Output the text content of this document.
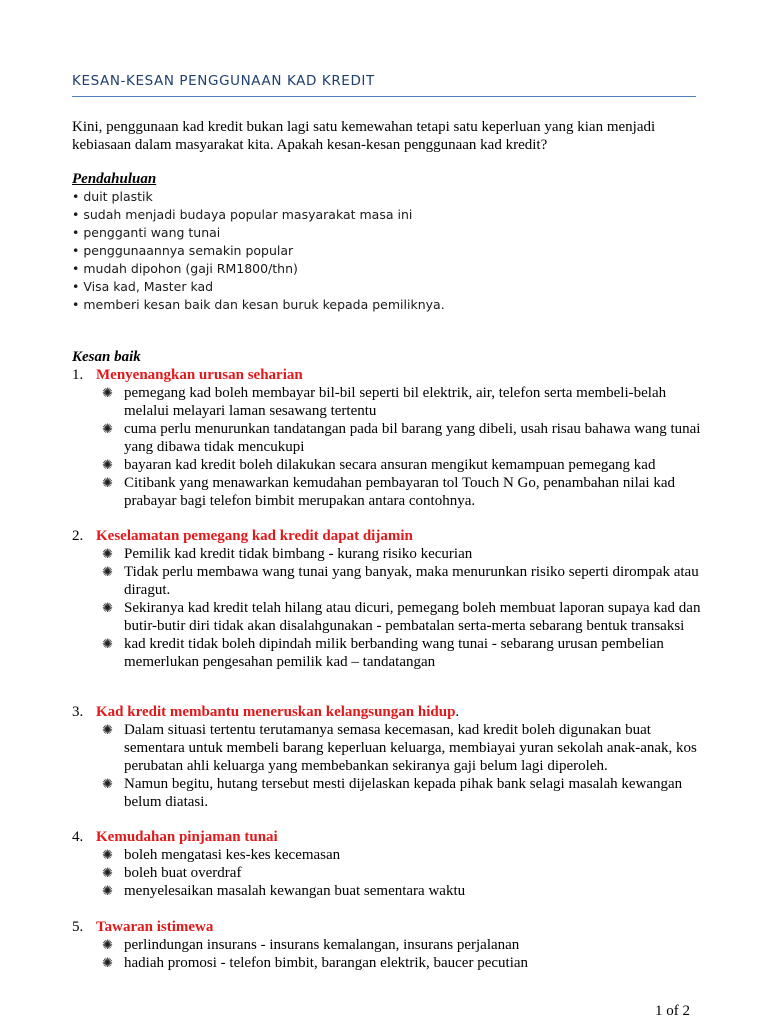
KESAN-KESAN PENGGUNAAN KAD KREDIT
Kini, penggunaan kad kredit bukan lagi satu kemewahan tetapi satu keperluan yang kian menjadi kebiasaan dalam masyarakat kita. Apakah kesan-kesan penggunaan kad kredit?
Pendahuluan
• duit plastik
• sudah menjadi budaya popular masyarakat masa ini
• pengganti wang tunai
• penggunaannya semakin popular
• mudah dipohon (gaji RM1800/thn)
• Visa kad, Master kad
• memberi kesan baik dan kesan buruk kepada pemiliknya.
Kesan baik
1. Menyenangkan urusan seharian
✺ pemegang kad boleh membayar bil-bil seperti bil elektrik, air, telefon serta membeli-belah melalui melayari laman sesawang tertentu
✺ cuma perlu menurunkan tandatangan pada bil barang yang dibeli, usah risau bahawa wang tunai yang dibawa tidak mencukupi
✺ bayaran kad kredit boleh dilakukan secara ansuran mengikut kemampuan pemegang kad
✺ Citibank yang menawarkan kemudahan pembayaran tol Touch N Go, penambahan nilai kad prabayar bagi telefon bimbit merupakan antara contohnya.
2. Keselamatan pemegang kad kredit dapat dijamin
✺ Pemilik kad kredit tidak bimbang - kurang risiko kecurian
✺ Tidak perlu membawa wang tunai yang banyak, maka menurunkan risiko seperti dirompak atau diragut.
✺ Sekiranya kad kredit telah hilang atau dicuri, pemegang boleh membuat laporan supaya kad dan butir-butir diri tidak akan disalahgunakan - pembatalan serta-merta sebarang bentuk transaksi
✺ kad kredit tidak boleh dipindah milik berbanding wang tunai - sebarang urusan pembelian memerlukan pengesahan pemilik kad – tandatangan
3. Kad kredit membantu meneruskan kelangsungan hidup.
✺ Dalam situasi tertentu terutamanya semasa kecemasan, kad kredit boleh digunakan buat sementara untuk membeli barang keperluan keluarga, membiayai yuran sekolah anak-anak, kos perubatan ahli keluarga yang membebankan sekiranya gaji belum lagi diperoleh.
✺ Namun begitu, hutang tersebut mesti dijelaskan kepada pihak bank selagi masalah kewangan belum diatasi.
4. Kemudahan pinjaman tunai
✺ boleh mengatasi kes-kes kecemasan
✺ boleh buat overdraf
✺ menyelesaikan masalah kewangan buat sementara waktu
5. Tawaran istimewa
✺ perlindungan insurans - insurans kemalangan, insurans perjalanan
✺ hadiah promosi - telefon bimbit, barangan elektrik, baucer pecutian
1 of 2
